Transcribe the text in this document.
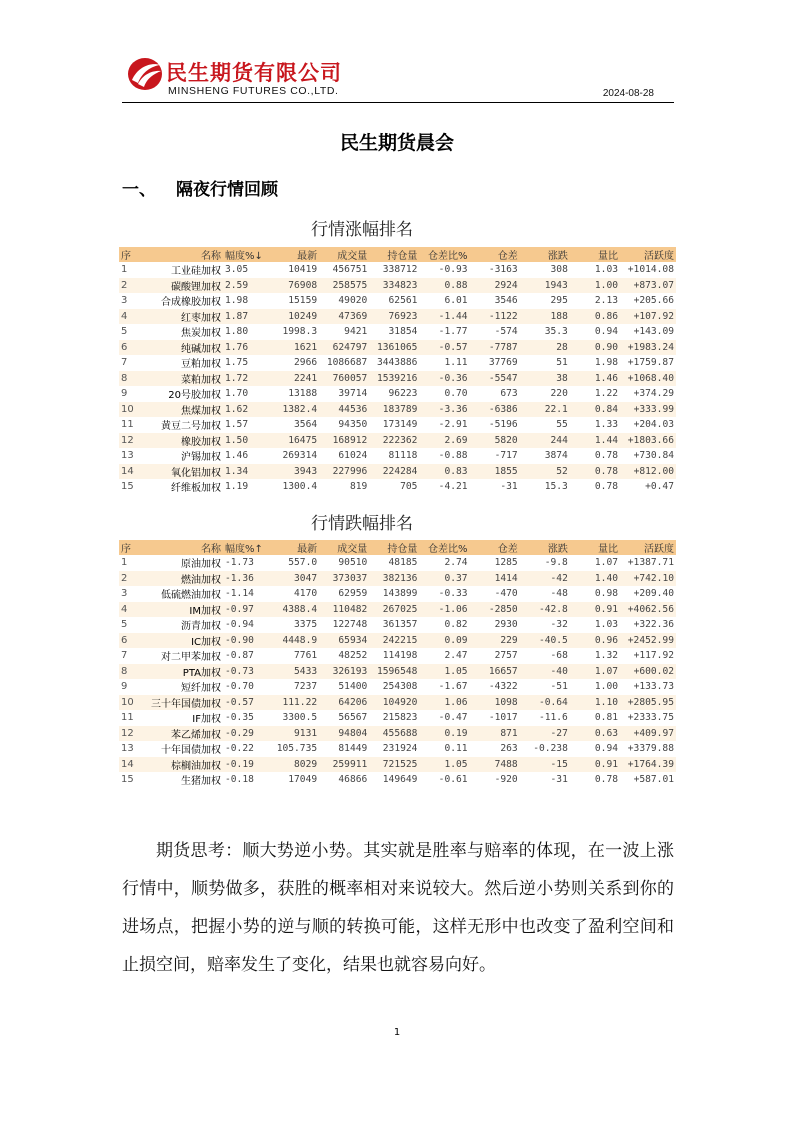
民生期货有限公司
MINSHENG FUTURES CO.,LTD.	2024-08-28
民生期货晨会
一、 隔夜行情回顾
行情涨幅排名
序	名称	幅度%↓	最新	成交量	持仓量	仓差比%	仓差	涨跌	量比	活跃度
1	工业硅加权	3.05	10419	456751	338712	-0.93	-3163	308	1.03	+1014.08
2	碳酸锂加权	2.59	76908	258575	334823	0.88	2924	1943	1.00	+873.07
3	合成橡胶加权	1.98	15159	49020	62561	6.01	3546	295	2.13	+205.66
4	红枣加权	1.87	10249	47369	76923	-1.44	-1122	188	0.86	+107.92
5	焦炭加权	1.80	1998.3	9421	31854	-1.77	-574	35.3	0.94	+143.09
6	纯碱加权	1.76	1621	624797	1361065	-0.57	-7787	28	0.90	+1983.24
7	豆粕加权	1.75	2966	1086687	3443886	1.11	37769	51	1.98	+1759.87
8	菜粕加权	1.72	2241	760057	1539216	-0.36	-5547	38	1.46	+1068.40
9	20号胶加权	1.70	13188	39714	96223	0.70	673	220	1.22	+374.29
10	焦煤加权	1.62	1382.4	44536	183789	-3.36	-6386	22.1	0.84	+333.99
11	黄豆二号加权	1.57	3564	94350	173149	-2.91	-5196	55	1.33	+204.03
12	橡胶加权	1.50	16475	168912	222362	2.69	5820	244	1.44	+1803.66
13	沪锡加权	1.46	269314	61024	81118	-0.88	-717	3874	0.78	+730.84
14	氧化铝加权	1.34	3943	227996	224284	0.83	1855	52	0.78	+812.00
15	纤维板加权	1.19	1300.4	819	705	-4.21	-31	15.3	0.78	+0.47
行情跌幅排名
序	名称	幅度%↑	最新	成交量	持仓量	仓差比%	仓差	涨跌	量比	活跃度
1	原油加权	-1.73	557.0	90510	48185	2.74	1285	-9.8	1.07	+1387.71
2	燃油加权	-1.36	3047	373037	382136	0.37	1414	-42	1.40	+742.10
3	低硫燃油加权	-1.14	4170	62959	143899	-0.33	-470	-48	0.98	+209.40
4	IM加权	-0.97	4388.4	110482	267025	-1.06	-2850	-42.8	0.91	+4062.56
5	沥青加权	-0.94	3375	122748	361357	0.82	2930	-32	1.03	+322.36
6	IC加权	-0.90	4448.9	65934	242215	0.09	229	-40.5	0.96	+2452.99
7	对二甲苯加权	-0.87	7761	48252	114198	2.47	2757	-68	1.32	+117.92
8	PTA加权	-0.73	5433	326193	1596548	1.05	16657	-40	1.07	+600.02
9	短纤加权	-0.70	7237	51400	254308	-1.67	-4322	-51	1.00	+133.73
10	三十年国债加权	-0.57	111.22	64206	104920	1.06	1098	-0.64	1.10	+2805.95
11	IF加权	-0.35	3300.5	56567	215823	-0.47	-1017	-11.6	0.81	+2333.75
12	苯乙烯加权	-0.29	9131	94804	455688	0.19	871	-27	0.63	+409.97
13	十年国债加权	-0.22	105.735	81449	231924	0.11	263	-0.238	0.94	+3379.88
14	棕榈油加权	-0.19	8029	259911	721525	1.05	7488	-15	0.91	+1764.39
15	生猪加权	-0.18	17049	46866	149649	-0.61	-920	-31	0.78	+587.01
期货思考：顺大势逆小势。其实就是胜率与赔率的体现，在一波上涨行情中，顺势做多，获胜的概率相对来说较大。然后逆小势则关系到你的进场点，把握小势的逆与顺的转换可能，这样无形中也改变了盈利空间和止损空间，赔率发生了变化，结果也就容易向好。
1
